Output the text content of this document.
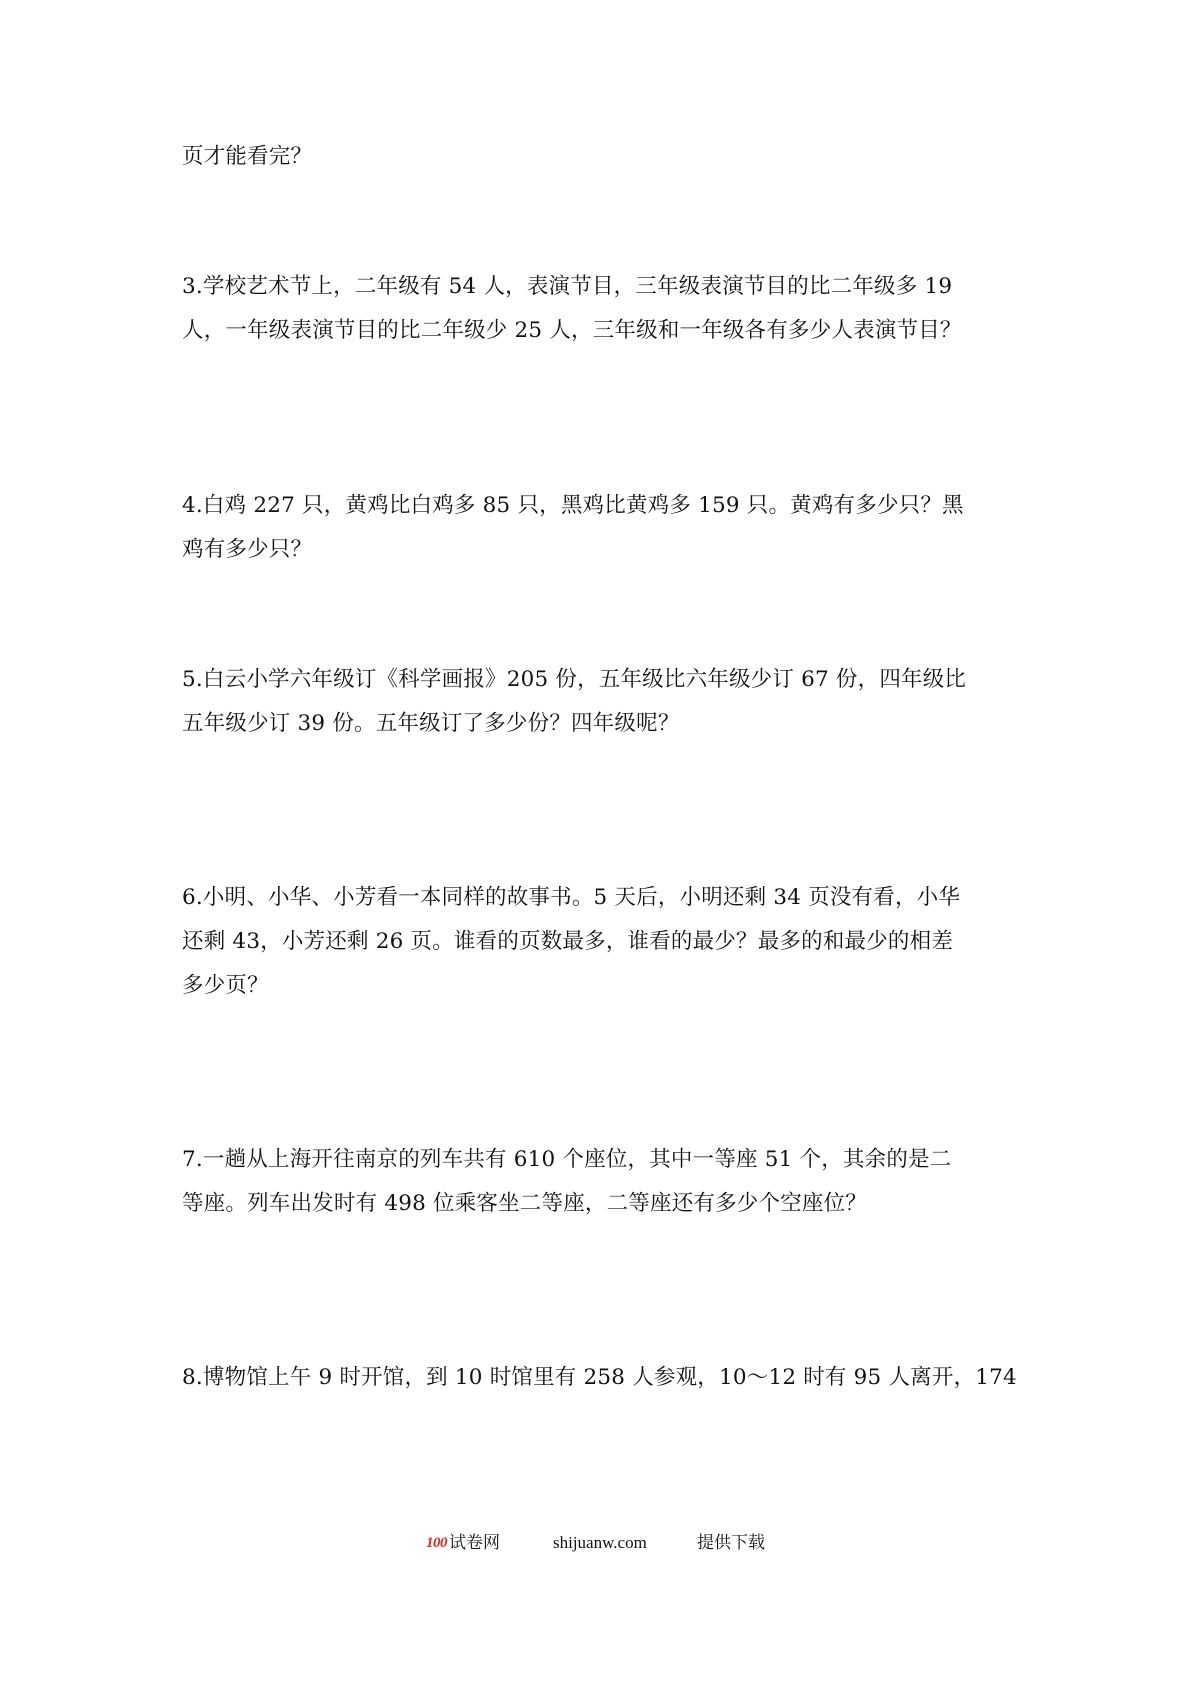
页才能看完？
3.学校艺术节上，二年级有 54 人，表演节目，三年级表演节目的比二年级多 19
人，一年级表演节目的比二年级少 25 人，三年级和一年级各有多少人表演节目？
4.白鸡 227 只，黄鸡比白鸡多 85 只，黑鸡比黄鸡多 159 只。黄鸡有多少只？黑
鸡有多少只？
5.白云小学六年级订《科学画报》205 份，五年级比六年级少订 67 份，四年级比
五年级少订 39 份。五年级订了多少份？四年级呢？
6.小明、小华、小芳看一本同样的故事书。5 天后，小明还剩 34 页没有看，小华
还剩 43，小芳还剩 26 页。谁看的页数最多，谁看的最少？最多的和最少的相差
多少页？
7.一趟从上海开往南京的列车共有 610 个座位，其中一等座 51 个，其余的是二
等座。列车出发时有 498 位乘客坐二等座，二等座还有多少个空座位？
8.博物馆上午 9 时开馆，到 10 时馆里有 258 人参观，10～12 时有 95 人离开，174
100 试卷网	shijuanw.com	提供下载
